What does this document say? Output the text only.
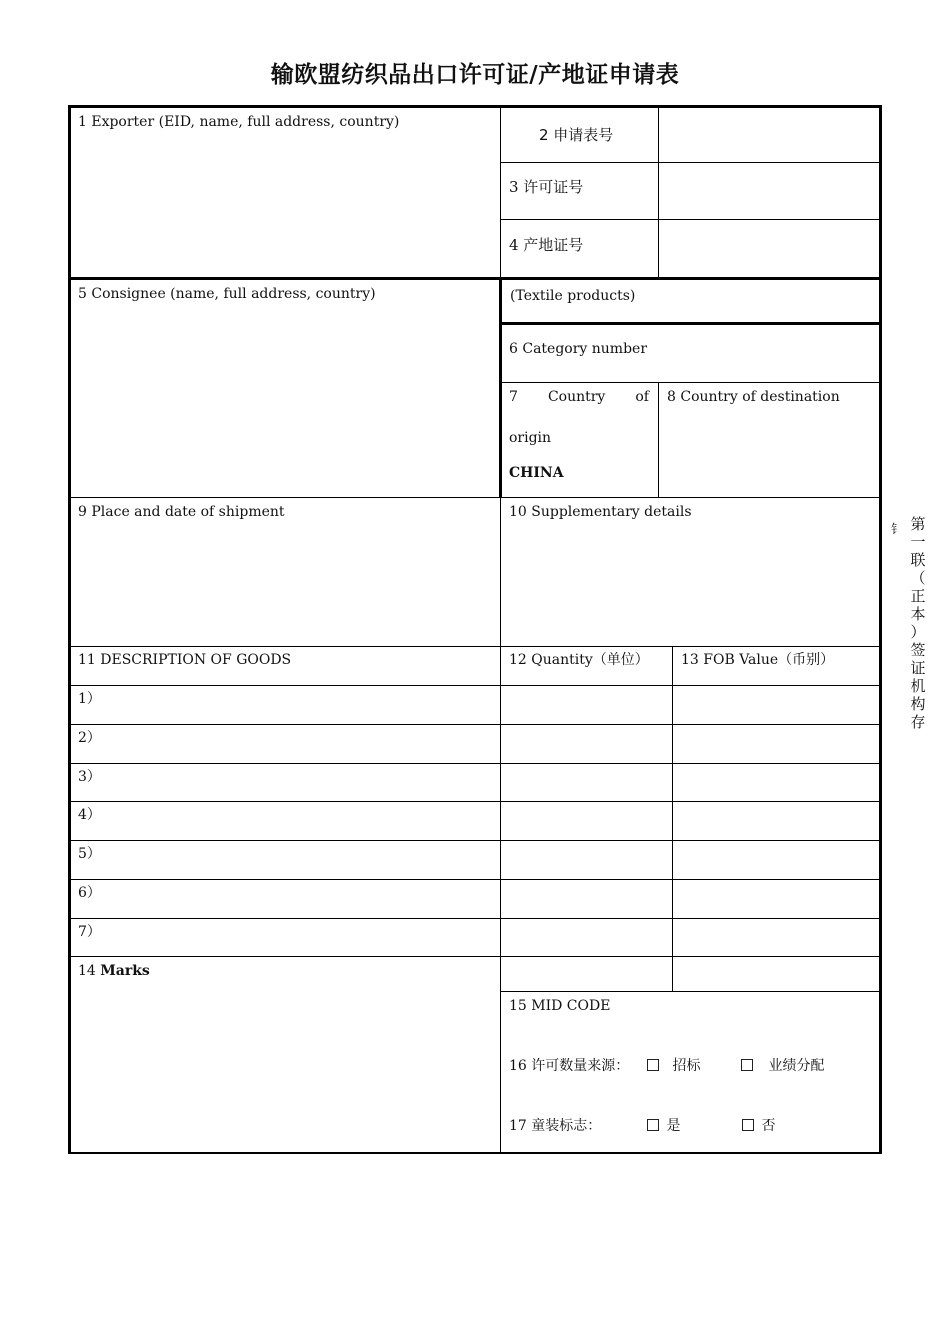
输欧盟纺织品出口许可证/产地证申请表
1 Exporter (EID, name, full address, country)
2 申请表号
3 许可证号
4 产地证号
5 Consignee (name, full address, country)	(Textile products)
6 Category number
7 Country of
origin
CHINA
8 Country of destination
9 Place and date of shipment	10 Supplementary details
11 DESCRIPTION OF GOODS	12 Quantity（单位） 13 FOB Value（币别）
1）
2）
3）
4）
5）
6）
7）
14 Marks
15 MID CODE
16 许可数量来源：	招标	业绩分配
17 童装标志：	是	否
钅 第
一
联
（
正
本
）
签
证
机
构
存
